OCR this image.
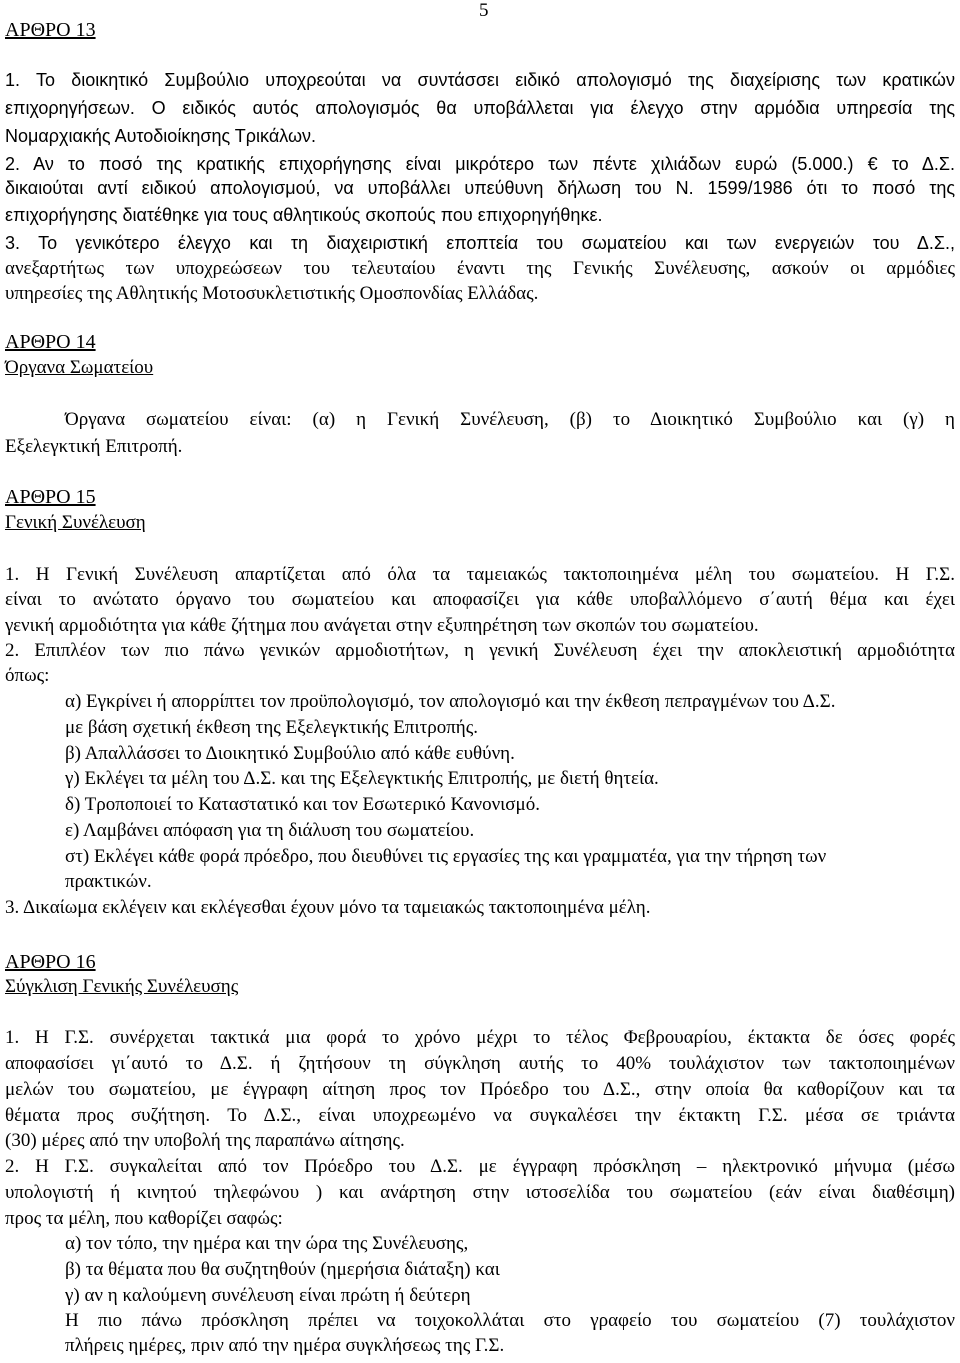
5
ΑΡΘΡΟ 13
1. Το διοικητικό Συμβούλιο υποχρεούται να συντάσσει ειδικό απολογισμό της διαχείρισης των κρατικών
επιχορηγήσεων. Ο ειδικός αυτός απολογισμός θα υποβάλλεται για έλεγχο στην αρμόδια υπηρεσία της
Νομαρχιακής Αυτοδιοίκησης Τρικάλων.
2. Αν το ποσό της κρατικής επιχορήγησης είναι μικρότερο των πέντε χιλιάδων ευρώ (5.000.) € το Δ.Σ.
δικαιούται αντί ειδικού απολογισμού, να υποβάλλει υπεύθυνη δήλωση του Ν. 1599/1986 ότι το ποσό της
επιχορήγησης διατέθηκε για τους αθλητικούς σκοπούς που επιχορηγήθηκε.
3. Το γενικότερο έλεγχο και τη διαχειριστική εποπτεία του σωματείου και των ενεργειών του Δ.Σ.,
ανεξαρτήτως των υποχρεώσεων του τελευταίου έναντι της Γενικής Συνέλευσης, ασκούν οι αρμόδιες
υπηρεσίες της Αθλητικής Μοτοσυκλετιστικής Ομοσπονδίας Ελλάδας.
ΑΡΘΡΟ 14
Όργανα Σωματείου
Όργανα σωματείου είναι: (α) η Γενική Συνέλευση, (β) το Διοικητικό Συμβούλιο και (γ) η
Εξελεγκτική Επιτροπή.
ΑΡΘΡΟ 15
Γενική Συνέλευση
1. Η Γενική Συνέλευση απαρτίζεται από όλα τα ταμειακώς τακτοποιημένα μέλη του σωματείου. Η Γ.Σ.
είναι το ανώτατο όργανο του σωματείου και αποφασίζει για κάθε υποβαλλόμενο σ΄αυτή θέμα και έχει
γενική αρμοδιότητα για κάθε ζήτημα που ανάγεται στην εξυπηρέτηση των σκοπών του σωματείου.
2. Επιπλέον των πιο πάνω γενικών αρμοδιοτήτων, η γενική Συνέλευση έχει την αποκλειστική αρμοδιότητα
όπως:
α) Εγκρίνει ή απορρίπτει τον προϋπολογισμό, τον απολογισμό και την έκθεση πεπραγμένων του Δ.Σ.
με βάση σχετική έκθεση της Εξελεγκτικής Επιτροπής.
β) Απαλλάσσει το Διοικητικό Συμβούλιο από κάθε ευθύνη.
γ) Εκλέγει τα μέλη του Δ.Σ. και της Εξελεγκτικής Επιτροπής, με διετή θητεία.
δ) Τροποποιεί το Καταστατικό και τον Εσωτερικό Κανονισμό.
ε) Λαμβάνει απόφαση για τη διάλυση του σωματείου.
στ) Εκλέγει κάθε φορά πρόεδρο, που διευθύνει τις εργασίες της και γραμματέα, για την τήρηση των
πρακτικών.
3. Δικαίωμα εκλέγειν και εκλέγεσθαι έχουν μόνο τα ταμειακώς τακτοποιημένα μέλη.
ΑΡΘΡΟ 16
Σύγκλιση Γενικής Συνέλευσης
1. Η Γ.Σ. συνέρχεται τακτικά μια φορά το χρόνο μέχρι το τέλος Φεβρουαρίου, έκτακτα δε όσες φορές
αποφασίσει γι΄αυτό το Δ.Σ. ή ζητήσουν τη σύγκληση αυτής το 40% τουλάχιστον των τακτοποιημένων
μελών του σωματείου, με έγγραφη αίτηση προς τον Πρόεδρο του Δ.Σ., στην οποία θα καθορίζουν και τα
θέματα προς συζήτηση. Το Δ.Σ., είναι υποχρεωμένο να συγκαλέσει την έκτακτη Γ.Σ. μέσα σε τριάντα
(30) μέρες από την υποβολή της παραπάνω αίτησης.
2. Η Γ.Σ. συγκαλείται από τον Πρόεδρο του Δ.Σ. με έγγραφη πρόσκληση – ηλεκτρονικό μήνυμα (μέσω
υπολογιστή ή κινητού τηλεφώνου ) και ανάρτηση στην ιστοσελίδα του σωματείου (εάν είναι διαθέσιμη)
προς τα μέλη, που καθορίζει σαφώς:
α) τον τόπο, την ημέρα και την ώρα της Συνέλευσης,
β) τα θέματα που θα συζητηθούν (ημερήσια διάταξη) και
γ) αν η καλούμενη συνέλευση είναι πρώτη ή δεύτερη
Η πιο πάνω πρόσκληση πρέπει να τοιχοκολλάται στο γραφείο του σωματείου (7) τουλάχιστον
πλήρεις ημέρες, πριν από την ημέρα συγκλήσεως της Γ.Σ.
